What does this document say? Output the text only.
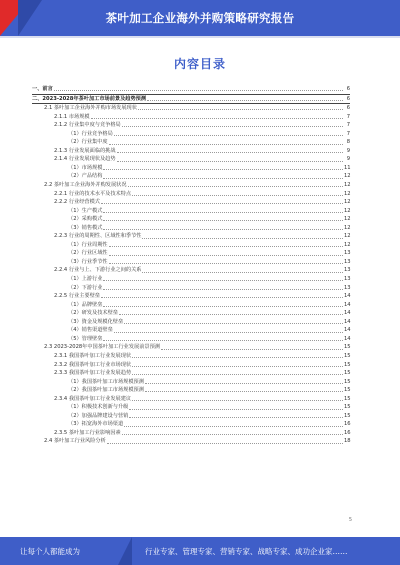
茶叶加工企业海外并购策略研究报告
内容目录
一、前言	6
二、2023-2028年茶叶加工市场前景及趋势预测	6
2.1 茶叶加工企业海外并购市场发展现状	6
2.1.1 市场规模	7
2.1.2 行业集中度与竞争格局	7
（1）行业竞争格局	7
（2）行业集中度	8
2.1.3 行业发展面临的挑战	9
2.1.4 行业发展现状及趋势	9
（1）市场规模	11
（2）产品结构	12
2.2 茶叶加工企业海外并购发展状况	12
2.2.1 行业的技术水平及技术特点	12
2.2.2 行业经营模式	12
（1）生产模式	12
（2）采购模式	12
（3）销售模式	12
2.2.3 行业的周期性、区域性和季节性	12
（1）行业周期性	12
（2）行业区域性	13
（3）行业季节性	13
2.2.4 行业与上、下游行业之间的关系	13
（1）上游行业	13
（2）下游行业	13
2.2.5 行业主要壁垒	14
（1）品牌壁垒	14
（2）研发及技术壁垒	14
（3）資金及规模化壁垒	14
（4）销售渠道壁垒	14
（5）管理壁垒	14
2.3 2023-2028年中国茶叶加工行业发展前景预测	15
2.3.1 我国茶叶加工行业发展现状	15
2.3.2 我国茶叶加工行业市场现状	15
2.3.3 我国茶叶加工行业发展趋势	15
（1）我国茶叶加工市场规模预测	15
（2）我国茶叶加工市场规模预测	15
2.3.4 我国茶叶加工行业发展建议	15
（1）积极技术创新与升级	15
（2）加强品牌建设与营销	15
（3）拓宽海外市场渠道	16
2.3.5 茶叶加工行业影响因素	16
2.4 茶叶加工行业风险分析	18
5
让每个人都能成为	行业专家、管理专家、营销专家、战略专家、成功企业家……
